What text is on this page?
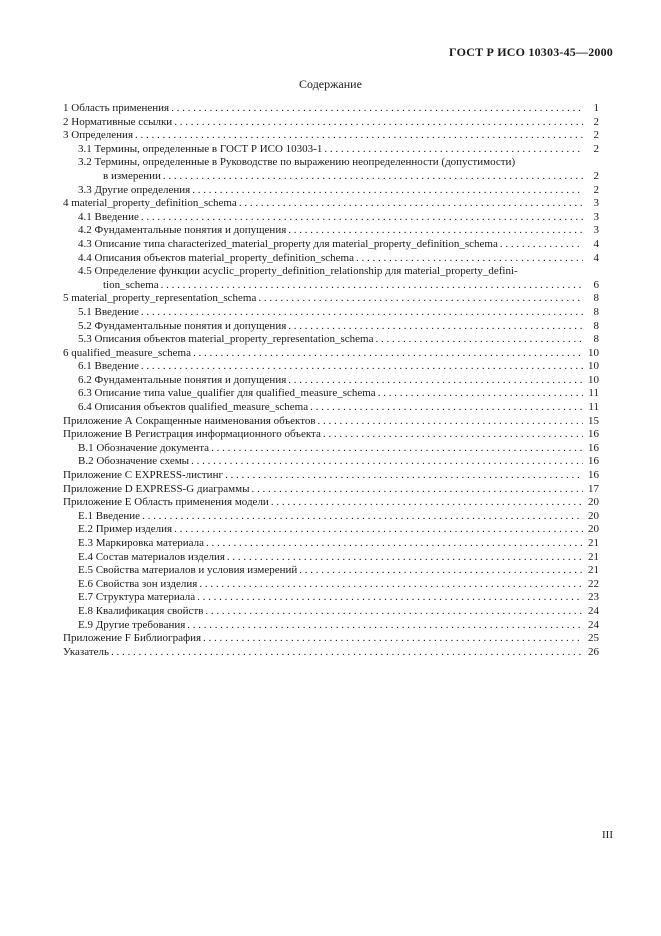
ГОСТ Р ИСО 10303-45—2000
Содержание
1 Область применения . . .	1
2 Нормативные ссылки . . .	2
3 Определения . . .	2
3.1 Термины, определенные в ГОСТ Р ИСО 10303-1 . . .	2
3.2 Термины, определенные в Руководстве по выражению неопределенности (допустимости)
в измерении . . .	2
3.3 Другие определения . . .	2
4 material_property_definition_schema . . .	3
4.1 Введение . . .	3
4.2 Фундаментальные понятия и допущения . . .	3
4.3 Описание типа characterized_material_property для material_property_definition_schema . . .	4
4.4 Описания объектов material_property_definition_schema . . .	4
4.5 Определение функции acyclic_property_definition_relationship для material_property_defini-
tion_schema . . .	6
5 material_property_representation_schema . . .	8
5.1 Введение . . .	8
5.2 Фундаментальные понятия и допущения . . .	8
5.3 Описания объектов material_property_representation_schema . . .	8
6 qualified_measure_schema . . .	10
6.1 Введение . . .	10
6.2 Фундаментальные понятия и допущения . . .	10
6.3 Описание типа value_qualifier для qualified_measure_schema . . .	11
6.4 Описания объектов qualified_measure_schema . . .	11
Приложение А Сокращенные наименования объектов . . .	15
Приложение В Регистрация информационного объекта . . .	16
В.1 Обозначение документа . . .	16
В.2 Обозначение схемы . . .	16
Приложение С EXPRESS-листинг . . .	16
Приложение D EXPRESS-G диаграммы . . .	17
Приложение Е Область применения модели . . .	20
Е.1 Введение . . .	20
Е.2 Пример изделия . . .	20
Е.3 Маркировка материала . . .	21
Е.4 Состав материалов изделия . . .	21
Е.5 Свойства материалов и условия измерений . . .	21
Е.6 Свойства зон изделия . . .	22
Е.7 Структура материала . . .	23
Е.8 Квалификация свойств . . .	24
Е.9 Другие требования . . .	24
Приложение F Библиография . . .	25
Указатель . . .	26
III
